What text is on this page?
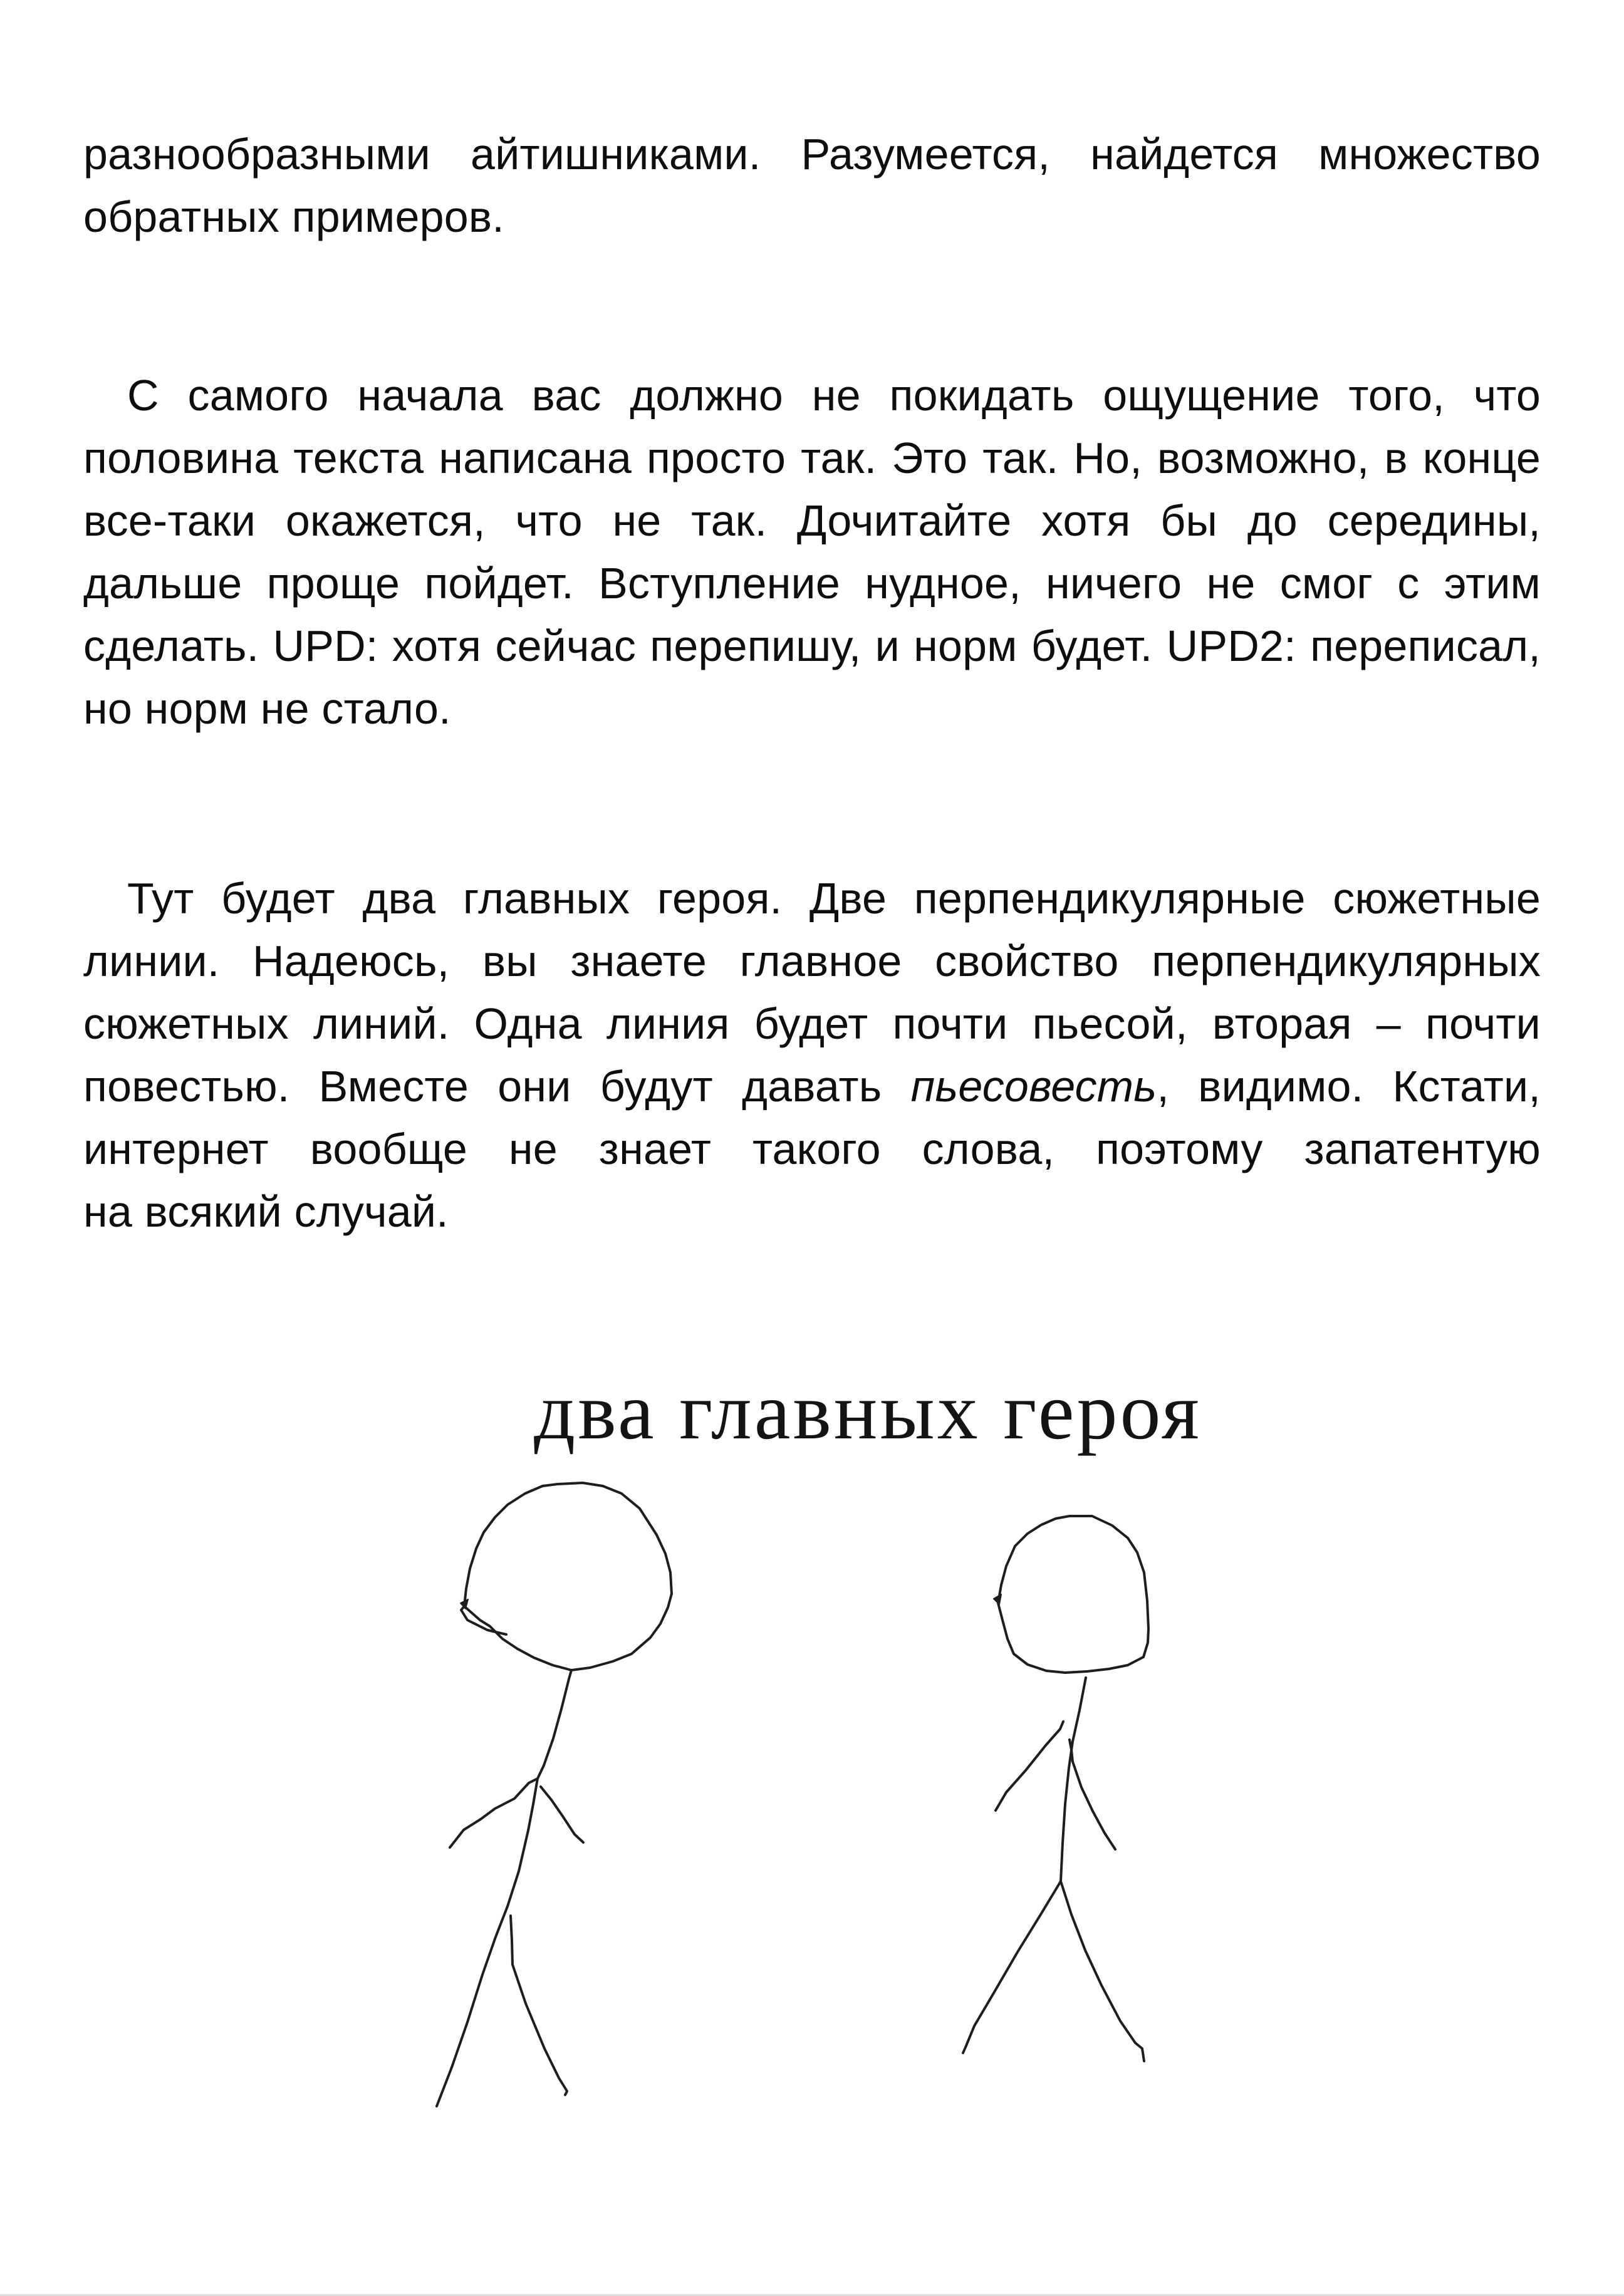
разнообразными айтишниками. Разумеется, найдется множество
обратных примеров.
С самого начала вас должно не покидать ощущение того, что
половина текста написана просто так. Это так. Но, возможно, в конце
все-таки окажется, что не так. Дочитайте хотя бы до середины,
дальше проще пойдет. Вступление нудное, ничего не смог с этим
сделать. UPD: хотя сейчас перепишу, и норм будет. UPD2: переписал,
но норм не стало.
Тут будет два главных героя. Две перпендикулярные сюжетные
линии. Надеюсь, вы знаете главное свойство перпендикулярных
сюжетных линий. Одна линия будет почти пьесой, вторая – почти
повестью. Вместе они будут давать пьесовесть, видимо. Кстати,
интернет вообще не знает такого слова, поэтому запатентую
на всякий случай.
два главных героя
